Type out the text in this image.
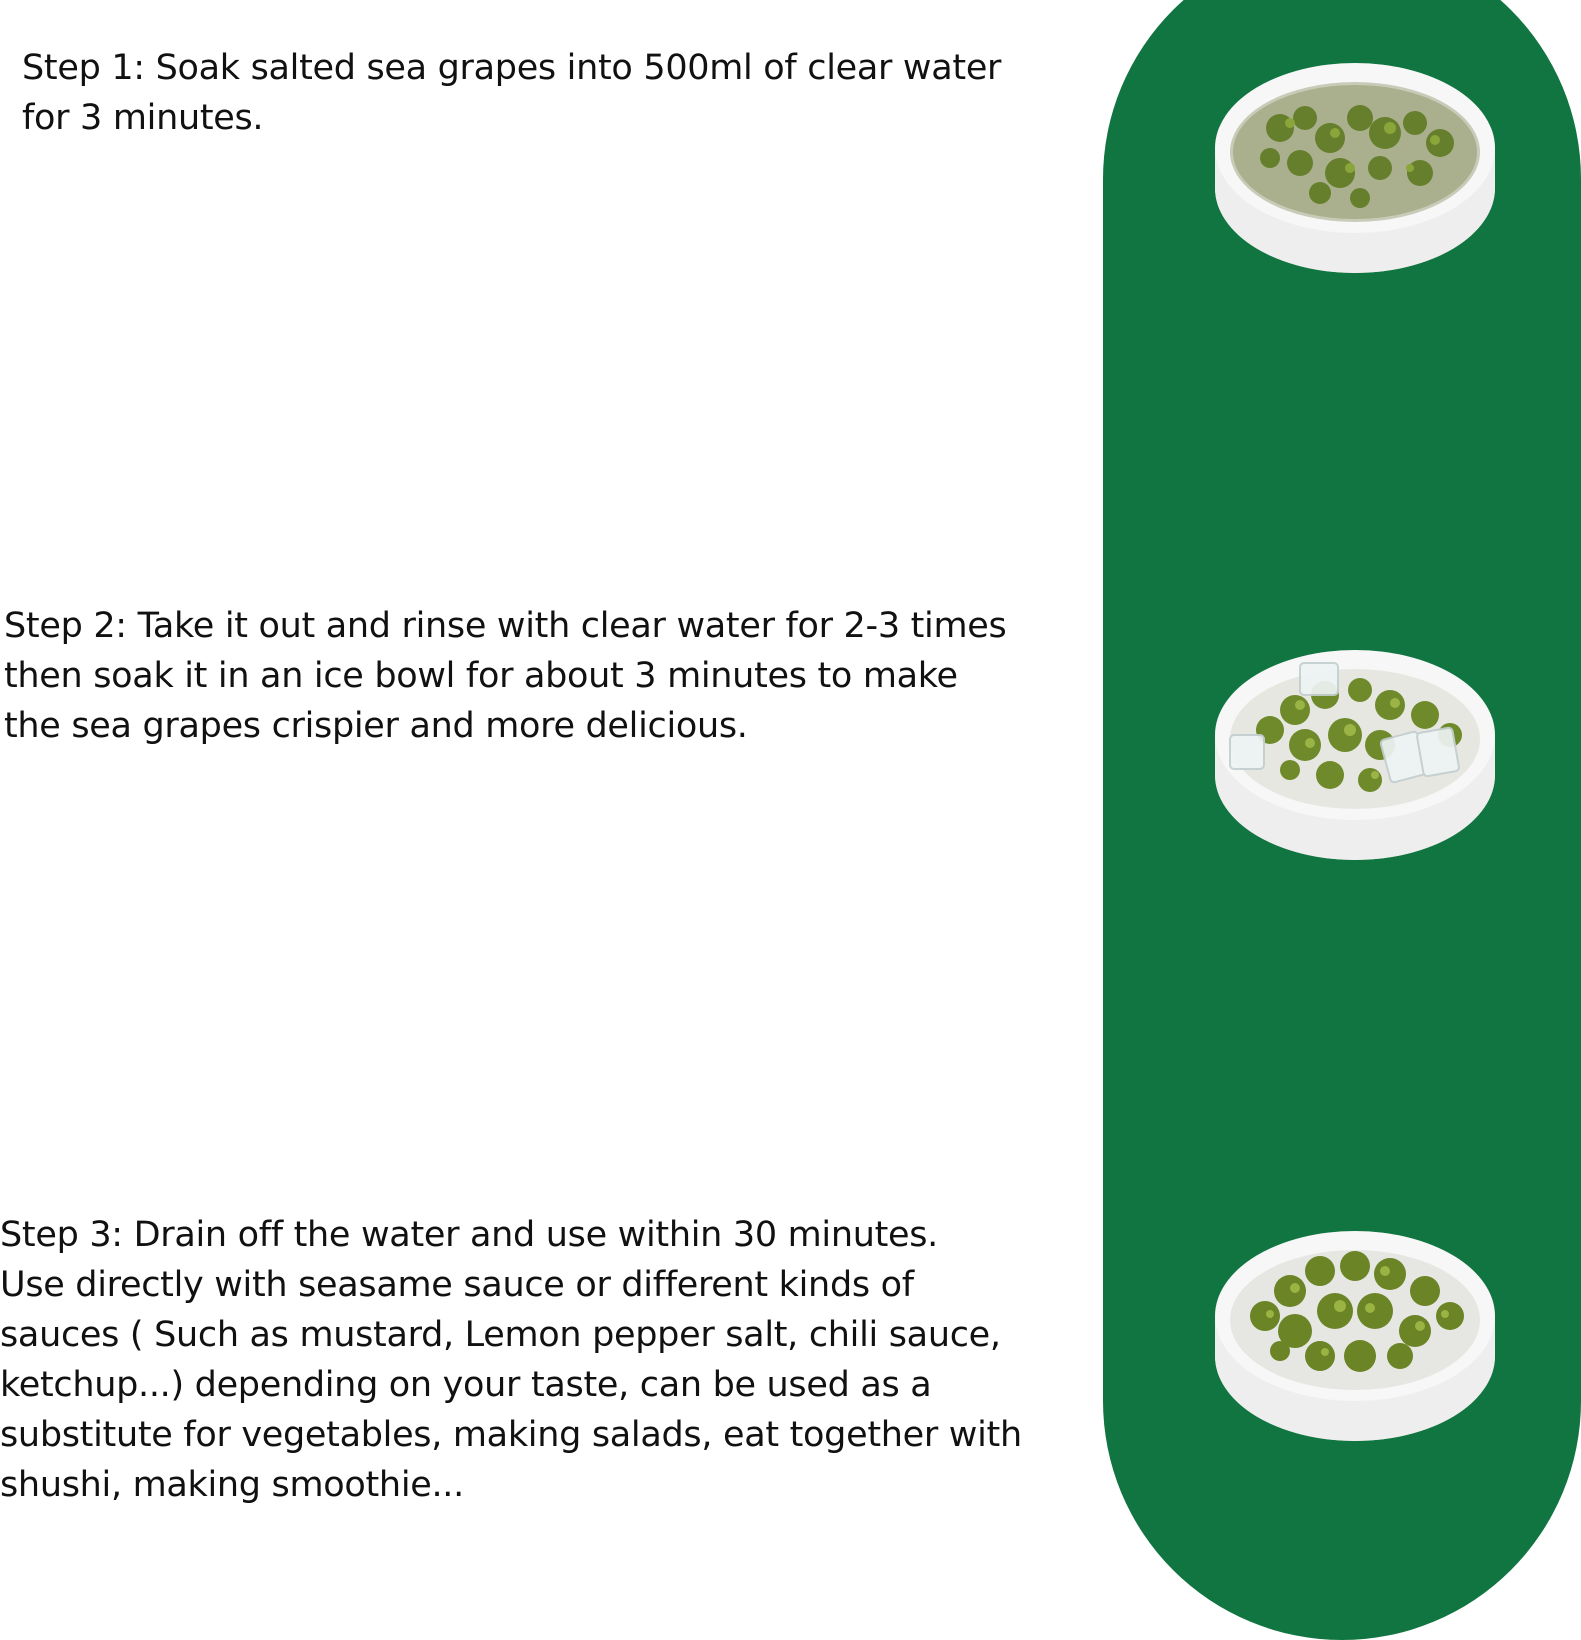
Step 1: Soak salted sea grapes into 500ml of clear water
for 3 minutes.

Step 2: Take it out and rinse with clear water for 2-3 times
then soak it in an ice bowl for about 3 minutes to make
the sea grapes crispier and more delicious.

Step 3: Drain off the water and use within 30 minutes.
Use directly with seasame sauce or different kinds of
sauces ( Such as mustard, Lemon pepper salt, chili sauce,
ketchup...) depending on your taste, can be used as a
substitute for vegetables, making salads, eat together with
shushi, making smoothie...
